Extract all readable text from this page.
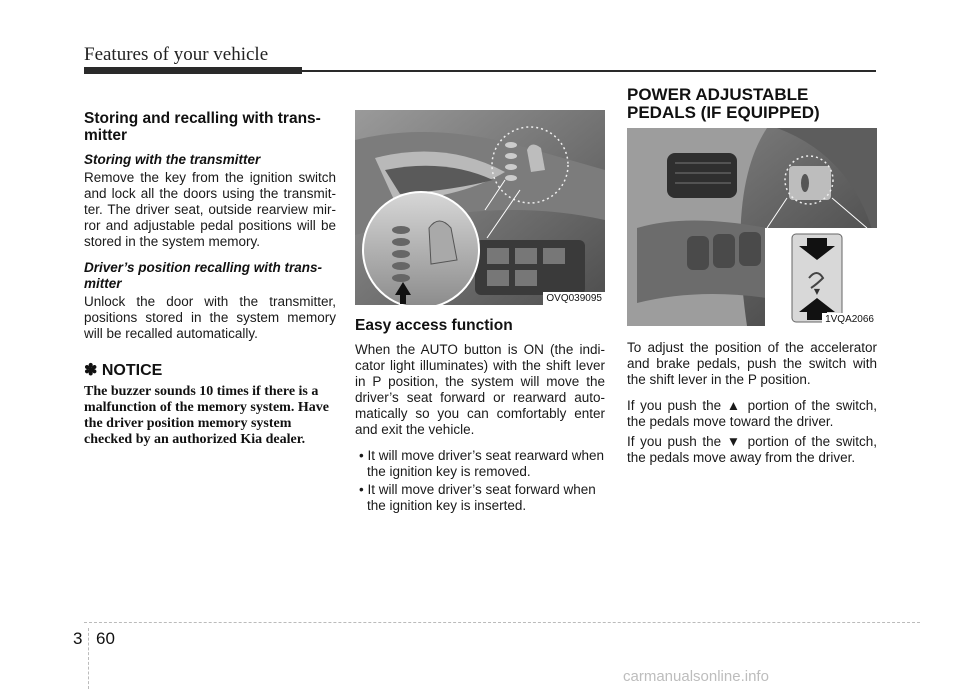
Features of your vehicle
Storing and recalling with trans-mitter
Storing with the transmitter

Remove the key from the ignition switch and lock all the doors using the transmit-ter. The driver seat, outside rearview mir-ror and adjustable pedal positions will be stored in the system memory.

Driver’s position recalling with trans-mitter

Unlock the door with the transmitter, positions stored in the system memory will be recalled automatically.

✽ NOTICE
The buzzer sounds 10 times if there is a malfunction of the memory system. Have the driver position memory system checked by an authorized Kia dealer.
OVQ039095
Easy access function

When the AUTO button is ON (the indi-cator light illuminates) with the shift lever in P position, the system will move the driver’s seat forward or rearward auto-matically so you can comfortably enter and exit the vehicle.

• It will move driver’s seat rearward when the ignition key is removed.
• It will move driver’s seat forward when the ignition key is inserted.
POWER ADJUSTABLE
PEDALS (IF EQUIPPED)
▼
1VQA2066

To adjust the position of the accelerator and brake pedals, push the switch with the shift lever in the P position.

If you push the ▲ portion of the switch, the pedals move toward the driver.

If you push the ▼ portion of the switch, the pedals move away from the driver.

3 60
carmanualsonline.info
